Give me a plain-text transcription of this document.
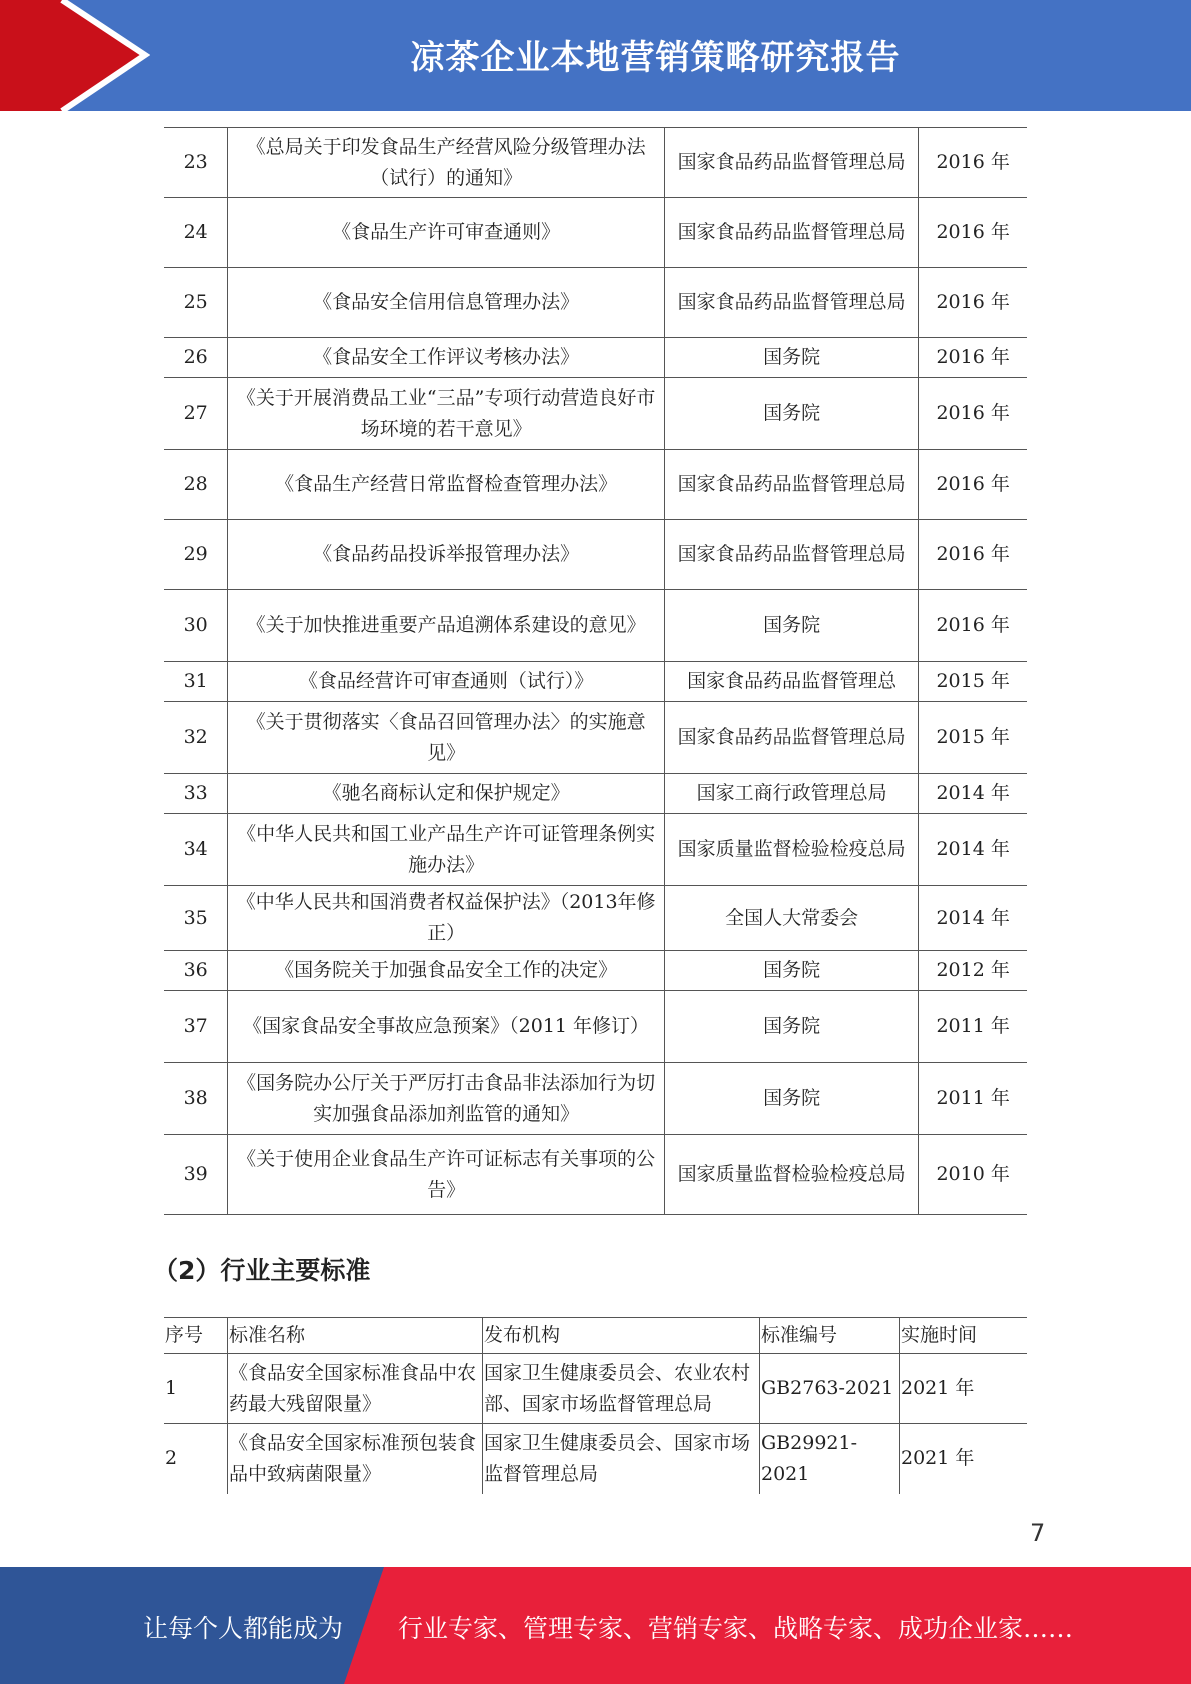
凉茶企业本地营销策略研究报告
23	《总局关于印发食品生产经营风险分级管理办法（试行）的通知》	国家食品药品监督管理总局	2016 年
24	《食品生产许可审查通则》	国家食品药品监督管理总局	2016 年
25	《食品安全信用信息管理办法》	国家食品药品监督管理总局	2016 年
26	《食品安全工作评议考核办法》	国务院	2016 年
27	《关于开展消费品工业“三品”专项行动营造良好市场环境的若干意见》	国务院	2016 年
28	《食品生产经营日常监督检查管理办法》	国家食品药品监督管理总局	2016 年
29	《食品药品投诉举报管理办法》	国家食品药品监督管理总局	2016 年
30	《关于加快推进重要产品追溯体系建设的意见》	国务院	2016 年
31	《食品经营许可审查通则（试行）》	国家食品药品监督管理总	2015 年
32	《关于贯彻落实〈食品召回管理办法〉的实施意见》	国家食品药品监督管理总局	2015 年
33	《驰名商标认定和保护规定》	国家工商行政管理总局	2014 年
34	《中华人民共和国工业产品生产许可证管理条例实施办法》	国家质量监督检验检疫总局	2014 年
35	《中华人民共和国消费者权益保护法》（2013年修正）	全国人大常委会	2014 年
36	《国务院关于加强食品安全工作的决定》	国务院	2012 年
37	《国家食品安全事故应急预案》（2011 年修订）	国务院	2011 年
38	《国务院办公厅关于严厉打击食品非法添加行为切实加强食品添加剂监管的通知》	国务院	2011 年
39	《关于使用企业食品生产许可证标志有关事项的公告》	国家质量监督检验检疫总局	2010 年
（2）行业主要标准
序号	标准名称	发布机构	标准编号	实施时间
1	《食品安全国家标准食品中农药最大残留限量》	国家卫生健康委员会、农业农村部、国家市场监督管理总局	GB2763-2021	2021 年
2	《食品安全国家标准预包装食品中致病菌限量》	国家卫生健康委员会、国家市场监督管理总局	GB29921-2021	2021 年
7
让每个人都能成为 行业专家、管理专家、营销专家、战略专家、成功企业家……
